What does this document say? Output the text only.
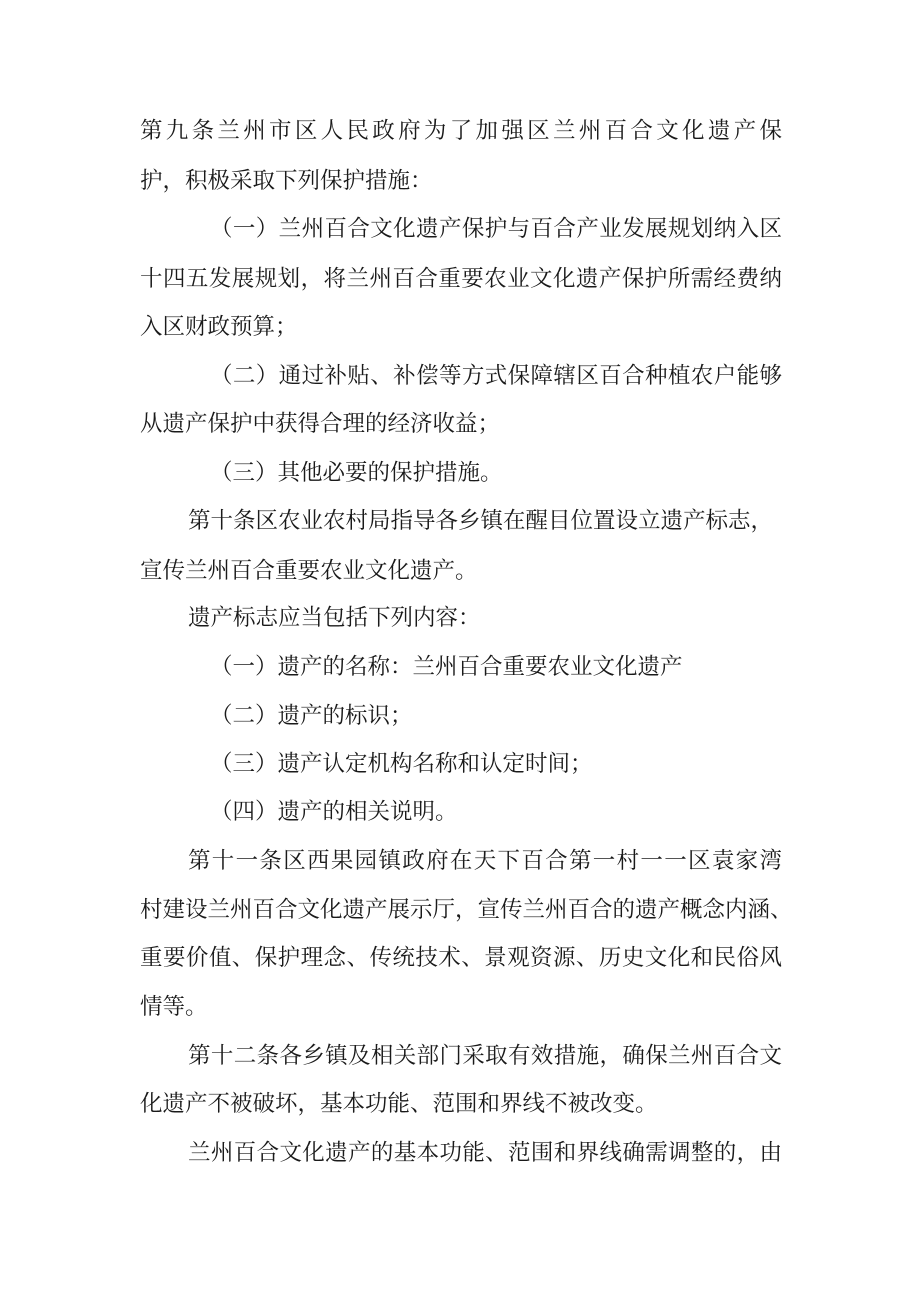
第九条兰州市区人民政府为了加强区兰州百合文化遗产保
护，积极采取下列保护措施：
（一）兰州百合文化遗产保护与百合产业发展规划纳入区
十四五发展规划，将兰州百合重要农业文化遗产保护所需经费纳
入区财政预算；
（二）通过补贴、补偿等方式保障辖区百合种植农户能够
从遗产保护中获得合理的经济收益；
（三）其他必要的保护措施。
第十条区农业农村局指导各乡镇在醒目位置设立遗产标志，
宣传兰州百合重要农业文化遗产。
遗产标志应当包括下列内容：
（一）遗产的名称：兰州百合重要农业文化遗产
（二）遗产的标识；
（三）遗产认定机构名称和认定时间；
（四）遗产的相关说明。
第十一条区西果园镇政府在天下百合第一村一一区袁家湾
村建设兰州百合文化遗产展示厅，宣传兰州百合的遗产概念内涵、
重要价值、保护理念、传统技术、景观资源、历史文化和民俗风
情等。
第十二条各乡镇及相关部门采取有效措施，确保兰州百合文
化遗产不被破坏，基本功能、范围和界线不被改变。
兰州百合文化遗产的基本功能、范围和界线确需调整的，由
